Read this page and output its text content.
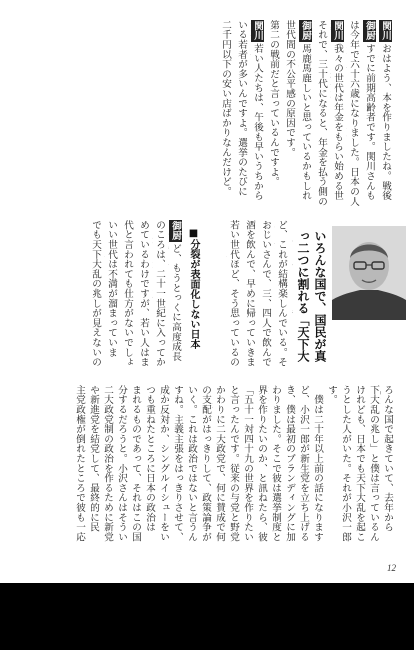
関川おはよう、本を作りましたね。戦後
御厨すでに前期高齢者です。関川さんも
は今年で六十六歳になりました。日本の人
関川我々の世代は年金をもらい始める世
それで、三十代になると、年金を払う側の
御厨馬鹿馬鹿しいと思っているかもしれ
世代間の不公平感の原因です。
第二の戦前だと言っているんですよ。
関川若い人たちは、午後も早いうちから
いる若者が多いんですよ。選挙のたびに
二千円以下の安い店ばかりなんだけど。
いろんな国で、国民が真っ二つに割れる「天下大
ど、これが結構楽しんでいる。そ
おじいさんで、三、四人で飲んで
酒を飲んで、早めに帰っていきま
若い世代ほど、そう思っているの
■分裂が表面化しない日本
御厨ど、もうとっくに高度成長
のころは、二十一世紀に入ってか
めているわけですが、若い人はま
代と言われても仕方がないでしょ
いい世代は不満が溜まっていま
でも天下大乱の兆しが見えないの
ろんな国で起きていて、去年から
下大乱の兆し」と僕は言っているん
けれども、日本でも天下大乱を起こ
うとした人がいた。それが小沢一郎
す。
　僕は二十年以上前の話になります
ど、小沢一郎が新生党を立ち上げる
き、僕は最初のブランディングに加
わりました。そこで彼は選挙制度と
界を作りたいのか、と訊ねたら、彼
「五十一対四十九の世界を作りたい
と言ったんです。従来の与党と野党
かわりに二大政党で、何に賛成で何
の支配がはっきりして、政策論争が
いく。これは政治ではないと言うん
すね。主義主張をはっきりさせて、
成か反対か、シングルイシューをい
つも重ねたところに日本の政治は
まれるものであって、それはこの国
分するだろうと。小沢さんはそうい
二大政党制の政治を作るために新党
や新進党を結党して、最終的に民
主党政権が倒れたところで彼も一応
12
